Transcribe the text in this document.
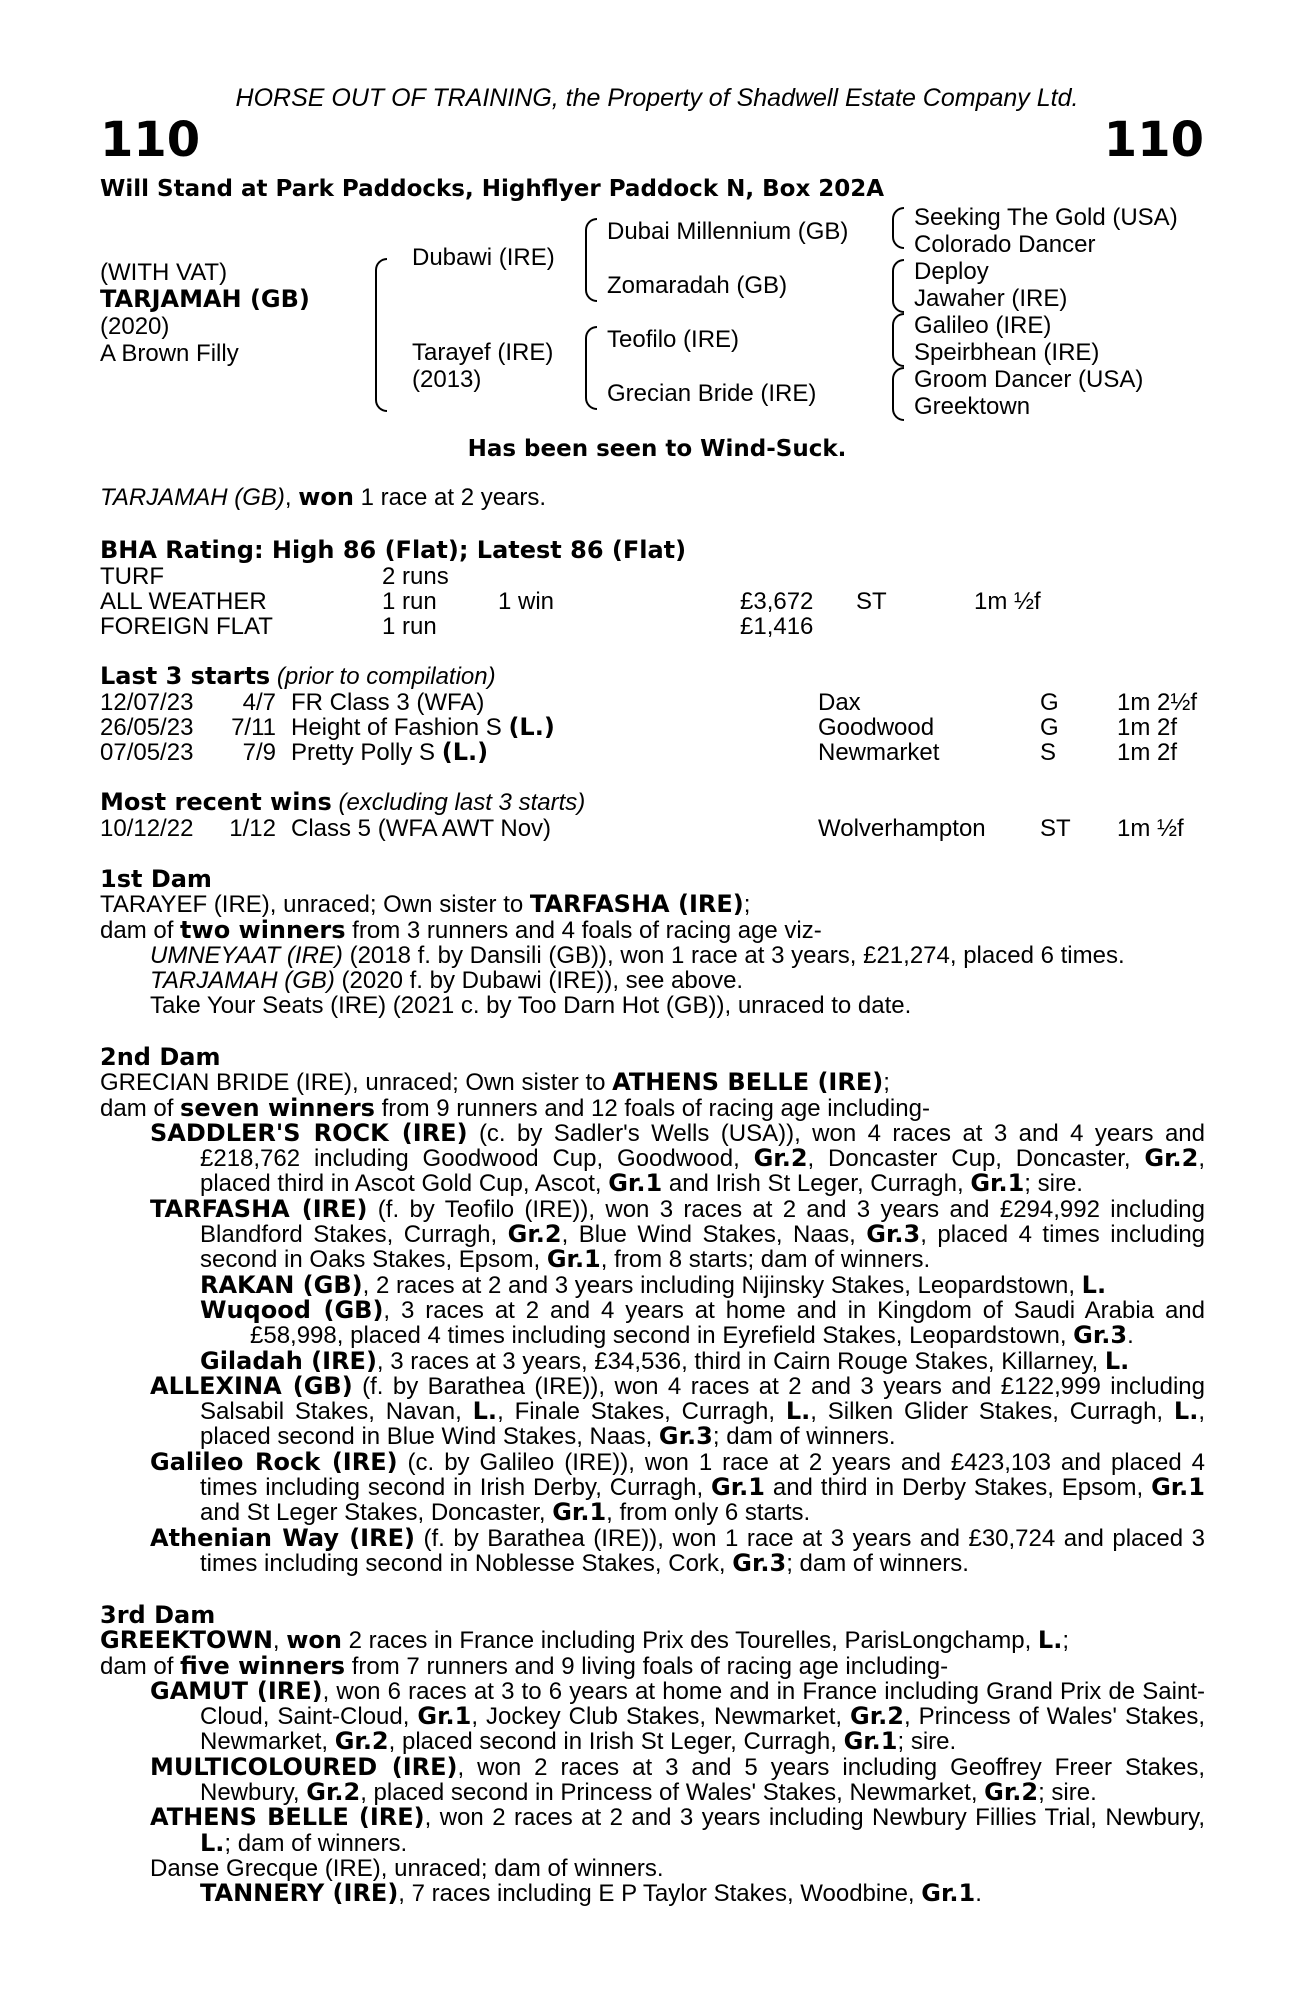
HORSE OUT OF TRAINING, the Property of Shadwell Estate Company Ltd.
110	110
Will Stand at Park Paddocks, Highflyer Paddock N, Box 202A
(WITH VAT)
TARJAMAH (GB)
(2020)
A Brown Filly
Dubawi (IRE)
Tarayef (IRE)
(2013)
Dubai Millennium (GB)
Zomaradah (GB)
Teofilo (IRE)
Grecian Bride (IRE)
Seeking The Gold (USA)
Colorado Dancer
Deploy
Jawaher (IRE)
Galileo (IRE)
Speirbhean (IRE)
Groom Dancer (USA)
Greektown
Has been seen to Wind-Suck.
TARJAMAH (GB), won 1 race at 2 years.
BHA Rating: High 86 (Flat); Latest 86 (Flat)
TURF	2 runs
ALL WEATHER	1 run	1 win	£3,672 ST	1m ½f
FOREIGN FLAT	1 run	£1,416
Last 3 starts (prior to compilation)
12/07/23	4/7 FR Class 3 (WFA)	Dax	G 1m 2½f
26/05/23	7/11 Height of Fashion S (L.)	Goodwood	G 1m 2f
07/05/23	7/9 Pretty Polly S (L.)	Newmarket	S	1m 2f
Most recent wins (excluding last 3 starts)
10/12/22	1/12 Class 5 (WFA AWT Nov)	Wolverhampton ST 1m ½f

1st Dam

TARAYEF (IRE), unraced; Own sister to TARFASHA (IRE);

dam of two winners from 3 runners and 4 foals of racing age viz-

UMNEYAAT (IRE) (2018 f. by Dansili (GB)), won 1 race at 3 years, £21,274, placed 6 times.

TARJAMAH (GB) (2020 f. by Dubawi (IRE)), see above.

Take Your Seats (IRE) (2021 c. by Too Darn Hot (GB)), unraced to date.

2nd Dam

GRECIAN BRIDE (IRE), unraced; Own sister to ATHENS BELLE (IRE);

dam of seven winners from 9 runners and 12 foals of racing age including-

SADDLER'S ROCK (IRE) (c. by Sadler's Wells (USA)), won 4 races at 3 and 4 years and £218,762 including Goodwood Cup, Goodwood, Gr.2, Doncaster Cup, Doncaster, Gr.2, placed third in Ascot Gold Cup, Ascot, Gr.1 and Irish St Leger, Curragh, Gr.1; sire.

TARFASHA (IRE) (f. by Teofilo (IRE)), won 3 races at 2 and 3 years and £294,992 including Blandford Stakes, Curragh, Gr.2, Blue Wind Stakes, Naas, Gr.3, placed 4 times including second in Oaks Stakes, Epsom, Gr.1, from 8 starts; dam of winners.

RAKAN (GB), 2 races at 2 and 3 years including Nijinsky Stakes, Leopardstown, L.

Wuqood (GB), 3 races at 2 and 4 years at home and in Kingdom of Saudi Arabia and £58,998, placed 4 times including second in Eyrefield Stakes, Leopardstown, Gr.3.

Giladah (IRE), 3 races at 3 years, £34,536, third in Cairn Rouge Stakes, Killarney, L.

ALLEXINA (GB) (f. by Barathea (IRE)), won 4 races at 2 and 3 years and £122,999 including Salsabil Stakes, Navan, L., Finale Stakes, Curragh, L., Silken Glider Stakes, Curragh, L., placed second in Blue Wind Stakes, Naas, Gr.3; dam of winners.

Galileo Rock (IRE) (c. by Galileo (IRE)), won 1 race at 2 years and £423,103 and placed 4 times including second in Irish Derby, Curragh, Gr.1 and third in Derby Stakes, Epsom, Gr.1 and St Leger Stakes, Doncaster, Gr.1, from only 6 starts.

Athenian Way (IRE) (f. by Barathea (IRE)), won 1 race at 3 years and £30,724 and placed 3 times including second in Noblesse Stakes, Cork, Gr.3; dam of winners.

3rd Dam

GREEKTOWN, won 2 races in France including Prix des Tourelles, ParisLongchamp, L.;

dam of five winners from 7 runners and 9 living foals of racing age including-

GAMUT (IRE), won 6 races at 3 to 6 years at home and in France including Grand Prix de Saint-Cloud, Saint-Cloud, Gr.1, Jockey Club Stakes, Newmarket, Gr.2, Princess of Wales' Stakes, Newmarket, Gr.2, placed second in Irish St Leger, Curragh, Gr.1; sire.

MULTICOLOURED (IRE), won 2 races at 3 and 5 years including Geoffrey Freer Stakes, Newbury, Gr.2, placed second in Princess of Wales' Stakes, Newmarket, Gr.2; sire.

ATHENS BELLE (IRE), won 2 races at 2 and 3 years including Newbury Fillies Trial, Newbury, L.; dam of winners.

Danse Grecque (IRE), unraced; dam of winners.

TANNERY (IRE), 7 races including E P Taylor Stakes, Woodbine, Gr.1.
